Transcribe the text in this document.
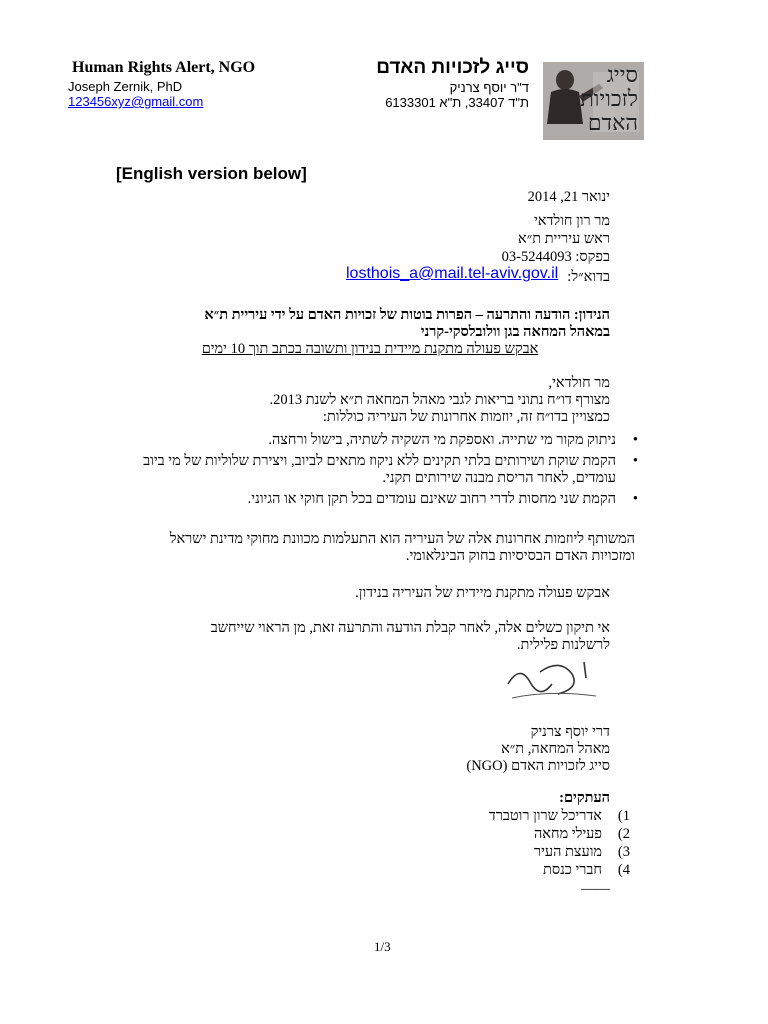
Human Rights Alert, NGO
Joseph Zernik, PhD
123456xyz@gmail.com
סייג לזכויות האדם
ד"ר יוסף צרניק
ת"ד 33407, ת"א 6133301
סייג
לזכויות
האדם
[English version below]
ינואר 21, 2014
מר רון חולדאי
ראש עיריית ת״א
בפקס: 03-5244093
בדוא״ל:
losthois_a@mail.tel-aviv.gov.il
הנידון: הודעה והתרעה – הפרות בוטות של זכויות האדם על ידי עיריית ת״א
במאהל המחאה בגן וולובלסקי-קרני
אבקש פעולה מתקנת מיידית בנידון ותשובה בכתב תוך 10 ימים
מר חולדאי,
מצורף דו״ח נתוני בריאות לגבי מאהל המחאה ת״א לשנת 2013.
כמצויין בדו״ח זה, יוזמות אחרונות של העיריה כוללות:
•
ניתוק מקור מי שתייה. ואספקת מי השקיה לשתיה, בישול ורחצה.
•
הקמת שוקת ושירותים בלתי תקינים ללא ניקוז מתאים לביוב, ויצירת שלוליות של מי ביוב עומדים, לאחר הריסת מבנה שירותים תקני.
•
הקמת שני מחסות לדרי רחוב שאינם עומדים בכל תקן חוקי או הגיוני.
המשותף ליוזמות אחרונות אלה של העיריה הוא התעלמות מכוונת מחוקי מדינת ישראל ומזכויות האדם הבסיסיות בחוק הבינלאומי.
אבקש פעולה מתקנת מיידית של העיריה בנידון.
אי תיקון כשלים אלה, לאחר קבלת הודעה והתרעה זאת, מן הראוי שייחשב לרשלנות פלילית.
דרי יוסף צרניק
מאהל המחאה, ת״א
סייג לזכויות האדם (NGO)
העתקים:
1)
אדריכל שרון רוטברד
2)
פעילי מחאה
3)
מועצת העיר
4)
חברי כנסת
____
1/3
